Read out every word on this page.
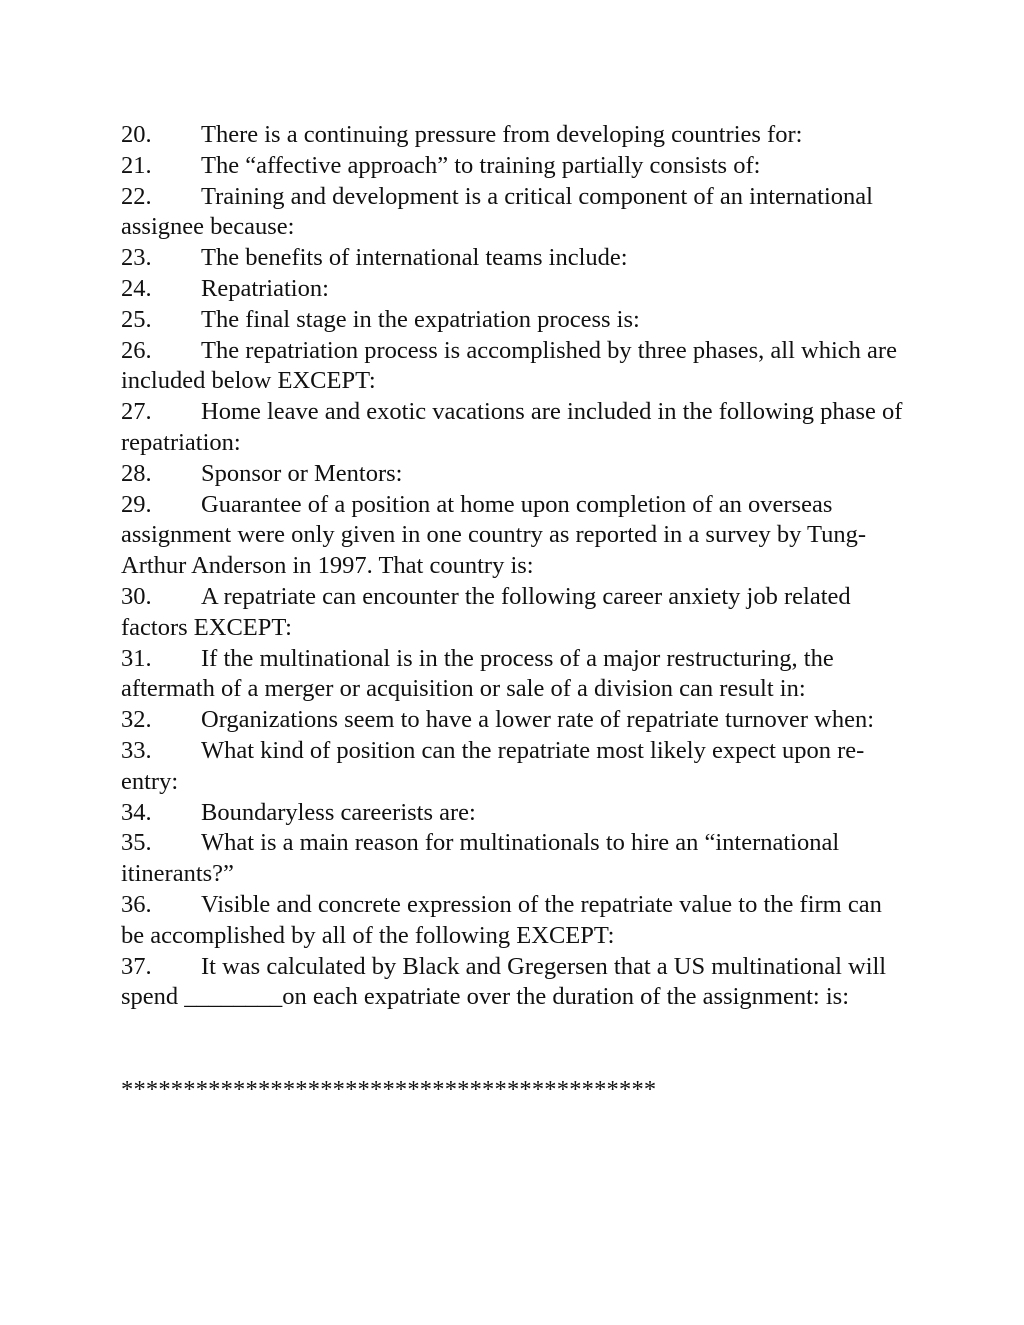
20. There is a continuing pressure from developing countries for:

21. The “affective approach” to training partially consists of:

22. Training and development is a critical component of an international assignee because:

23. The benefits of international teams include:

24. Repatriation:

25. The final stage in the expatriation process is:

26. The repatriation process is accomplished by three phases, all which are included below EXCEPT:

27. Home leave and exotic vacations are included in the following phase of repatriation:

28. Sponsor or Mentors:

29. Guarantee of a position at home upon completion of an overseas assignment were only given in one country as reported in a survey by Tung-Arthur Anderson in 1997. That country is:

30. A repatriate can encounter the following career anxiety job related factors EXCEPT:

31. If the multinational is in the process of a major restructuring, the aftermath of a merger or acquisition or sale of a division can result in:

32. Organizations seem to have a lower rate of repatriate turnover when:

33. What kind of position can the repatriate most likely expect upon re-entry:

34. Boundaryless careerists are:

35. What is a main reason for multinationals to hire an “international itinerants?”

36. Visible and concrete expression of the repatriate value to the firm can be accomplished by all of the following EXCEPT:

37. It was calculated by Black and Gregersen that a US multinational will spend ________on each expatriate over the duration of the assignment: is:

*******************************************
